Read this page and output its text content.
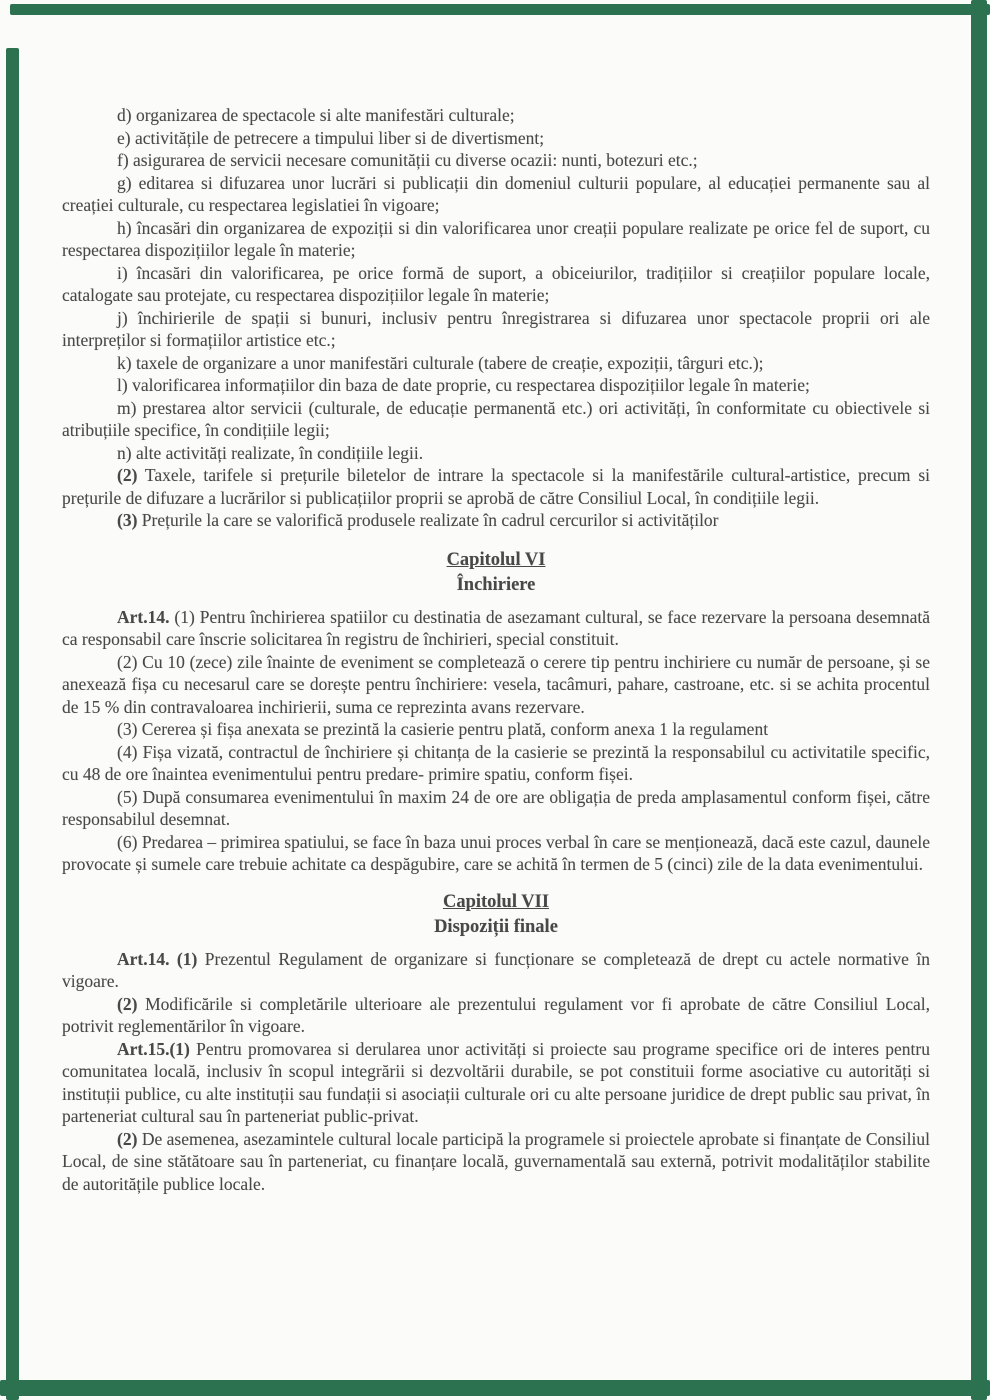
d) organizarea de spectacole si alte manifestări culturale;
e) activitățile de petrecere a timpului liber si de divertisment;
f) asigurarea de servicii necesare comunității cu diverse ocazii: nunti, botezuri etc.;
g) editarea si difuzarea unor lucrări si publicații din domeniul culturii populare, al educației permanente sau al creației culturale, cu respectarea legislatiei în vigoare;
h) încasări din organizarea de expoziții si din valorificarea unor creații populare realizate pe orice fel de suport, cu respectarea dispozițiilor legale în materie;
i) încasări din valorificarea, pe orice formă de suport, a obiceiurilor, tradițiilor si creațiilor populare locale, catalogate sau protejate, cu respectarea dispozițiilor legale în materie;
j) închirierile de spații si bunuri, inclusiv pentru înregistrarea si difuzarea unor spectacole proprii ori ale interpreților si formațiilor artistice etc.;
k) taxele de organizare a unor manifestări culturale (tabere de creație, expoziții, târguri etc.);
l) valorificarea informațiilor din baza de date proprie, cu respectarea dispozițiilor legale în materie;
m) prestarea altor servicii (culturale, de educație permanentă etc.) ori activități, în conformitate cu obiectivele si atribuțiile specifice, în condițiile legii;
n) alte activități realizate, în condițiile legii.
(2) Taxele, tarifele si prețurile biletelor de intrare la spectacole si la manifestările cultural-artistice, precum si prețurile de difuzare a lucrărilor si publicațiilor proprii se aprobă de către Consiliul Local, în condițiile legii.
(3) Prețurile la care se valorifică produsele realizate în cadrul cercurilor si activităților
Capitolul VI
Închiriere
Art.14. (1) Pentru închirierea spatiilor cu destinatia de asezamant cultural, se face rezervare la persoana desemnată ca responsabil care înscrie solicitarea în registru de închirieri, special constituit.
(2) Cu 10 (zece) zile înainte de eveniment se completează o cerere tip pentru inchiriere cu număr de persoane, și se anexează fișa cu necesarul care se dorește pentru închiriere: vesela, tacâmuri, pahare, castroane, etc. si se achita procentul de 15 % din contravaloarea inchirierii, suma ce reprezinta avans rezervare.
(3) Cererea și fișa anexata se prezintă la casierie pentru plată, conform anexa 1 la regulament
(4) Fișa vizată, contractul de închiriere și chitanța de la casierie se prezintă la responsabilul cu activitatile specific, cu 48 de ore înaintea evenimentului pentru predare- primire spatiu, conform fișei.
(5) După consumarea evenimentului în maxim 24 de ore are obligația de preda amplasamentul conform fișei, către responsabilul desemnat.
(6) Predarea – primirea spatiului, se face în baza unui proces verbal în care se menționează, dacă este cazul, daunele provocate și sumele care trebuie achitate ca despăgubire, care se achită în termen de 5 (cinci) zile de la data evenimentului.
Capitolul VII
Dispoziții finale
Art.14. (1) Prezentul Regulament de organizare si funcționare se completează de drept cu actele normative în vigoare.
(2) Modificările si completările ulterioare ale prezentului regulament vor fi aprobate de către Consiliul Local, potrivit reglementărilor în vigoare.
Art.15.(1) Pentru promovarea si derularea unor activități si proiecte sau programe specifice ori de interes pentru comunitatea locală, inclusiv în scopul integrării si dezvoltării durabile, se pot constituii forme asociative cu autorități si instituții publice, cu alte instituții sau fundații si asociații culturale ori cu alte persoane juridice de drept public sau privat, în parteneriat cultural sau în parteneriat public-privat.
(2) De asemenea, asezamintele cultural locale participă la programele si proiectele aprobate si finanțate de Consiliul Local, de sine stătătoare sau în parteneriat, cu finanțare locală, guvernamentală sau externă, potrivit modalităților stabilite de autoritățile publice locale.
